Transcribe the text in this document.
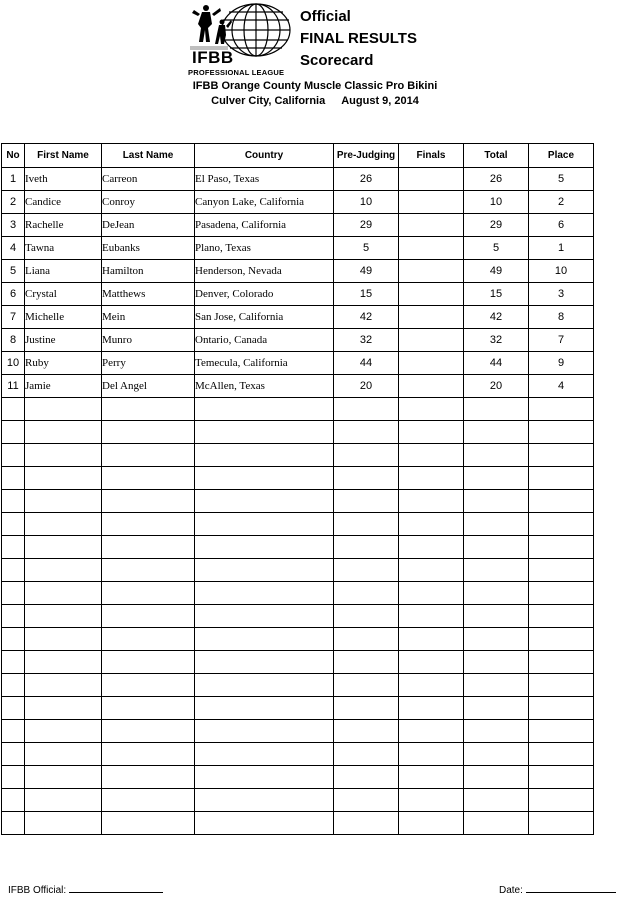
IFBB
PROFESSIONAL LEAGUE
Official
FINAL RESULTS
Scorecard
IFBB Orange County Muscle Classic Pro Bikini
Culver City, California August 9, 2014
No	First Name	Last Name	Country	Pre-Judging	Finals	Total	Place
1	Iveth	Carreon	El Paso, Texas	26		26	5
2	Candice	Conroy	Canyon Lake, California	10		10	2
3	Rachelle	DeJean	Pasadena, California	29		29	6
4	Tawna	Eubanks	Plano, Texas	5		5	1
5	Liana	Hamilton	Henderson, Nevada	49		49	10
6	Crystal	Matthews	Denver, Colorado	15		15	3
7	Michelle	Mein	San Jose, California	42		42	8
8	Justine	Munro	Ontario, Canada	32		32	7
10	Ruby	Perry	Temecula, California	44		44	9
11	Jamie	Del Angel	McAllen, Texas	20		20	4

IFBB Official:	Date:
